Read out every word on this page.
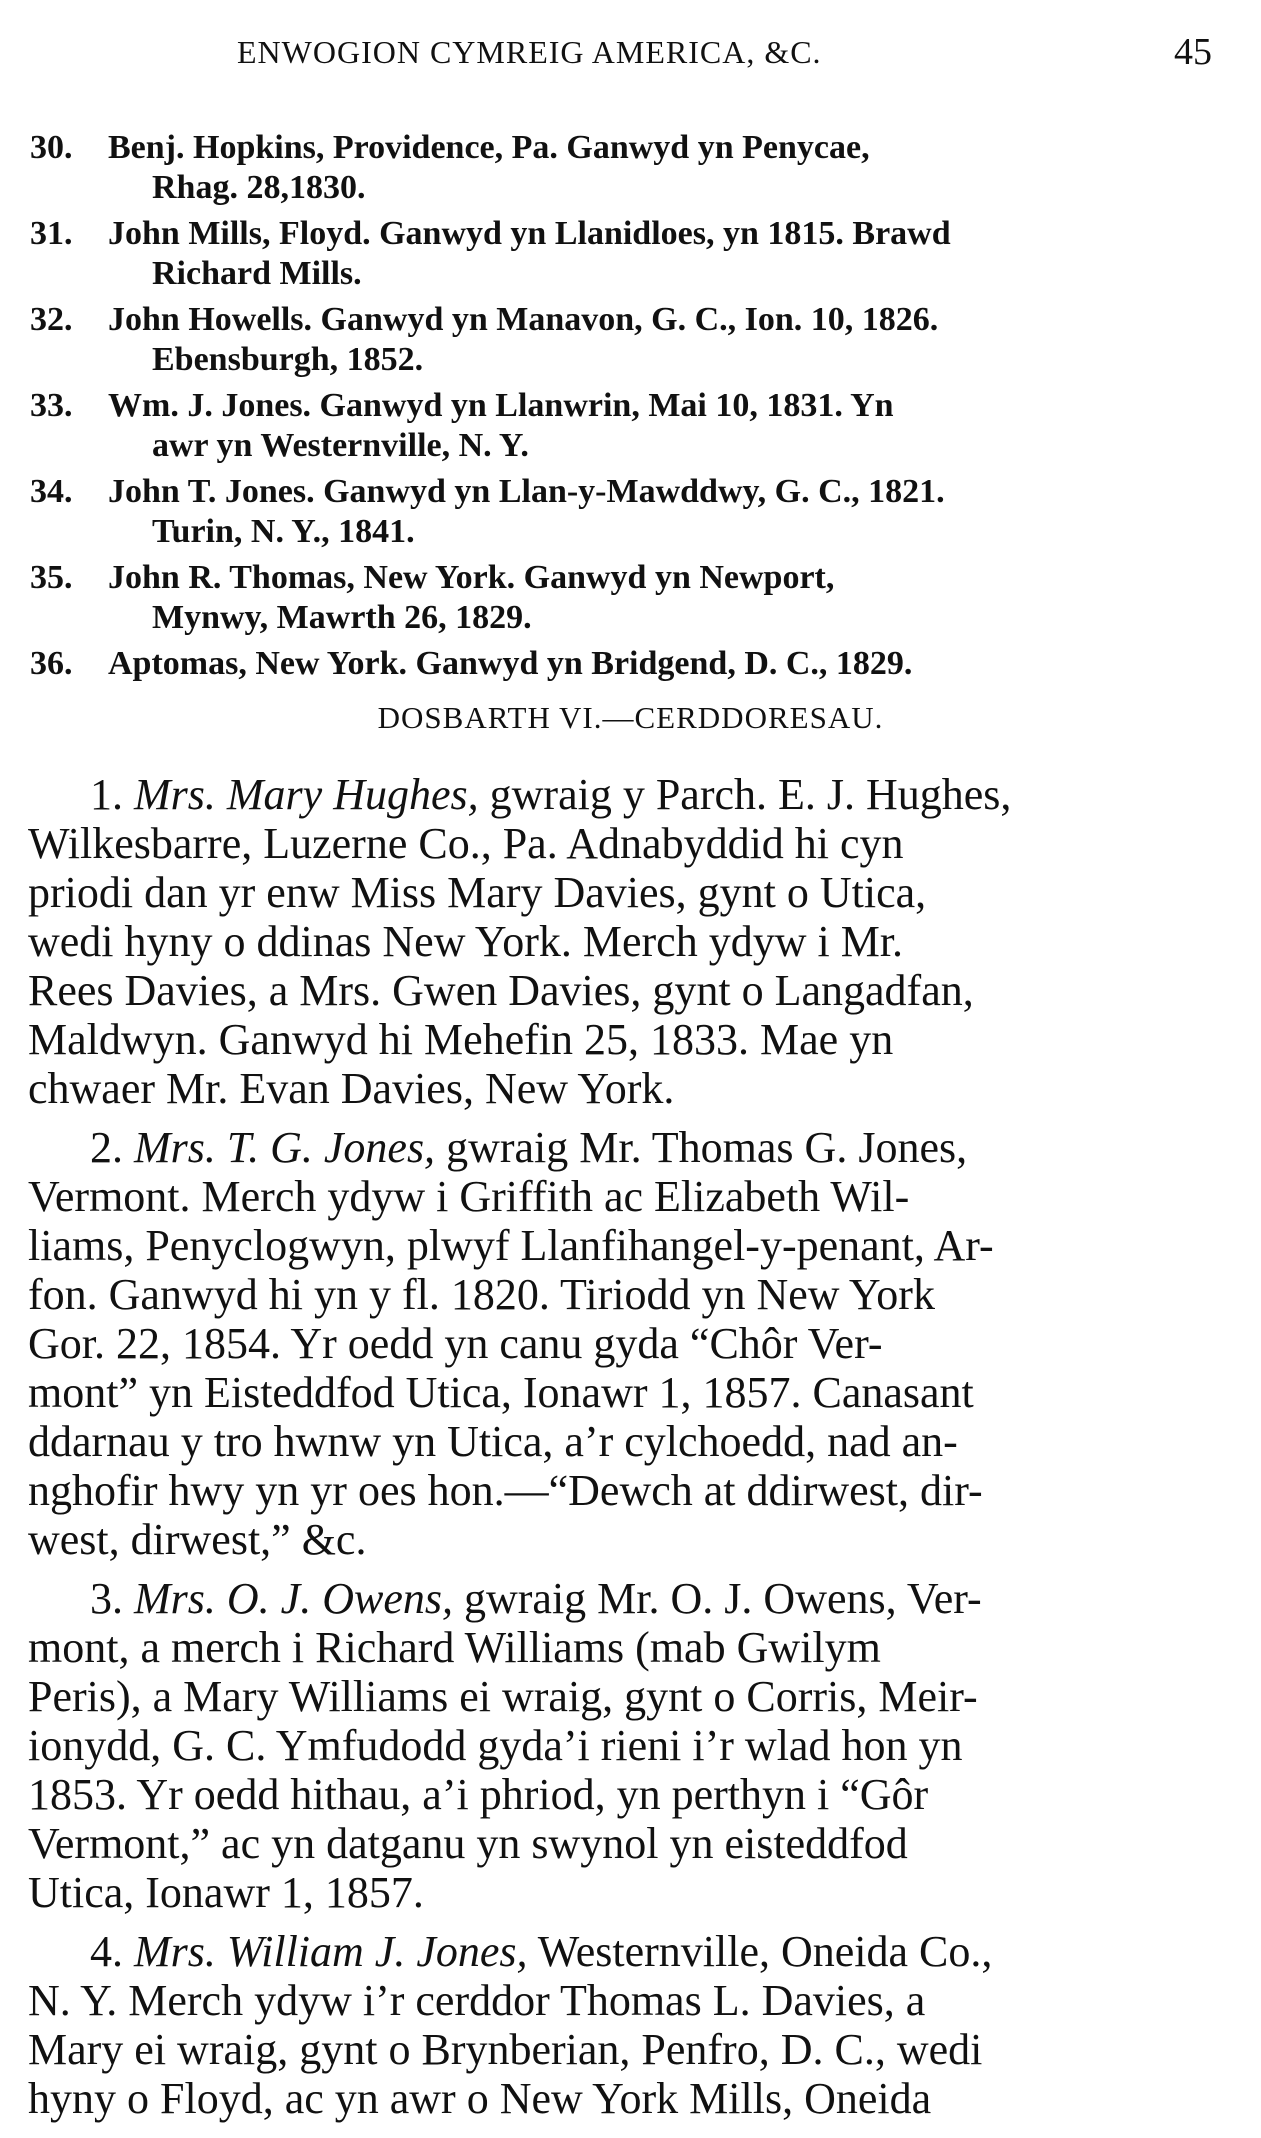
ENWOGION CYMREIG AMERICA, &C.	45
30. Benj. Hopkins, Providence, Pa. Ganwyd yn Penycae,
Rhag. 28,1830.
31. John Mills, Floyd. Ganwyd yn Llanidloes, yn 1815. Brawd
Richard Mills.
32. John Howells. Ganwyd yn Manavon, G. C., Ion. 10, 1826.
Ebensburgh, 1852.
33. Wm. J. Jones. Ganwyd yn Llanwrin, Mai 10, 1831. Yn
awr yn Westernville, N. Y.
34. John T. Jones. Ganwyd yn Llan-y-Mawddwy, G. C., 1821.
Turin, N. Y., 1841.
35. John R. Thomas, New York. Ganwyd yn Newport,
Mynwy, Mawrth 26, 1829.
36. Aptomas, New York. Ganwyd yn Bridgend, D. C., 1829.
DOSBARTH VI.—CERDDORESAU.
1. Mrs. Mary Hughes, gwraig y Parch. E. J. Hughes,
Wilkesbarre, Luzerne Co., Pa. Adnabyddid hi cyn
priodi dan yr enw Miss Mary Davies, gynt o Utica,
wedi hyny o ddinas New York. Merch ydyw i Mr.
Rees Davies, a Mrs. Gwen Davies, gynt o Langadfan,
Maldwyn. Ganwyd hi Mehefin 25, 1833. Mae yn
chwaer Mr. Evan Davies, New York.
2. Mrs. T. G. Jones, gwraig Mr. Thomas G. Jones,
Vermont. Merch ydyw i Griffith ac Elizabeth Wil-
liams, Penyclogwyn, plwyf Llanfihangel-y-penant, Ar-
fon. Ganwyd hi yn y fl. 1820. Tiriodd yn New York
Gor. 22, 1854. Yr oedd yn canu gyda “Chôr Ver-
mont” yn Eisteddfod Utica, Ionawr 1, 1857. Canasant
ddarnau y tro hwnw yn Utica, a’r cylchoedd, nad an-
nghofir hwy yn yr oes hon.—“Dewch at ddirwest, dir-
west, dirwest,” &c.
3. Mrs. O. J. Owens, gwraig Mr. O. J. Owens, Ver-
mont, a merch i Richard Williams (mab Gwilym
Peris), a Mary Williams ei wraig, gynt o Corris, Meir-
ionydd, G. C. Ymfudodd gyda’i rieni i’r wlad hon yn
1853. Yr oedd hithau, a’i phriod, yn perthyn i “Gôr
Vermont,” ac yn datganu yn swynol yn eisteddfod
Utica, Ionawr 1, 1857.
4. Mrs. William J. Jones, Westernville, Oneida Co.,
N. Y. Merch ydyw i’r cerddor Thomas L. Davies, a
Mary ei wraig, gynt o Brynberian, Penfro, D. C., wedi
hyny o Floyd, ac yn awr o New York Mills, Oneida
